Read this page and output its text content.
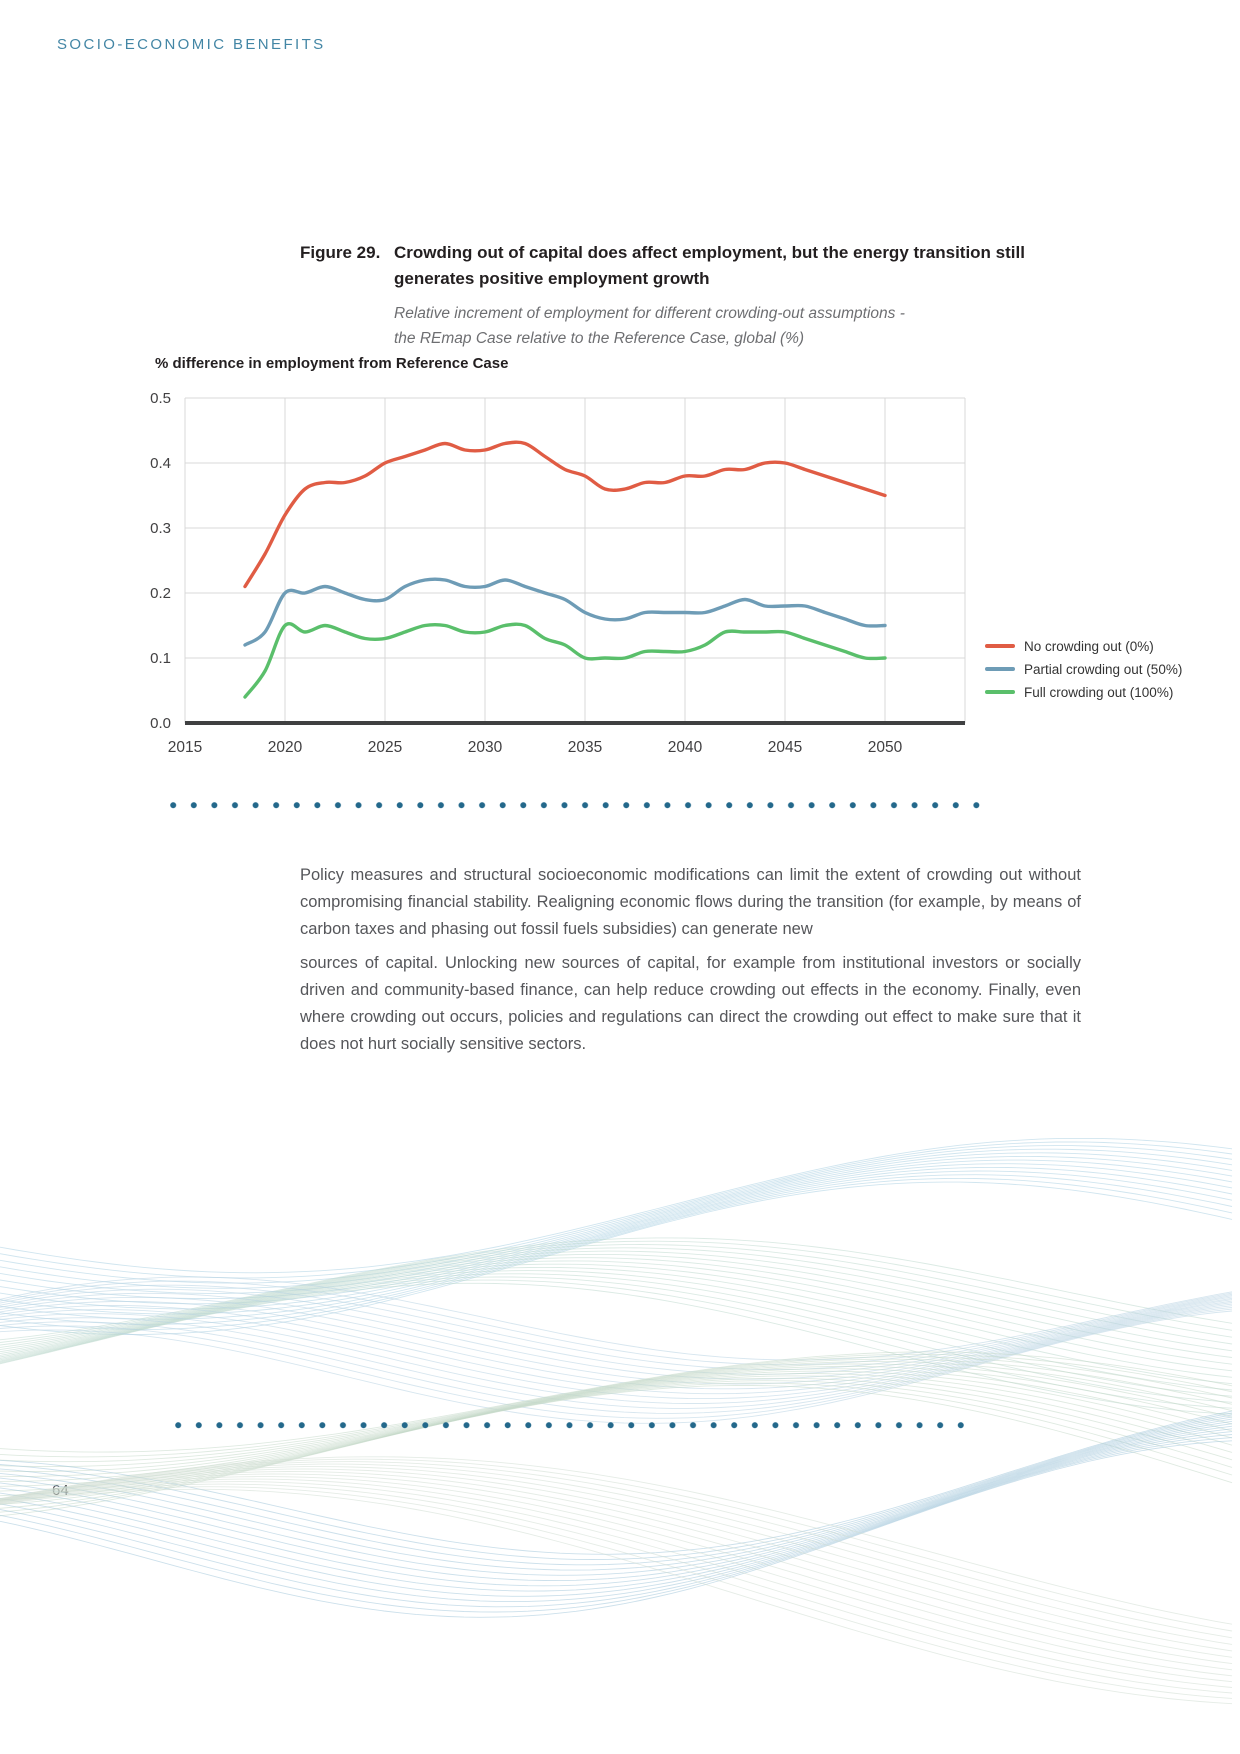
SOCIO-ECONOMIC BENEFITS
Figure 29. Crowding out of capital does affect employment, but the energy transition still
generates positive employment growth
Relative increment of employment for different crowding-out assumptions -
the REmap Case relative to the Reference Case, global (%)
% difference in employment from Reference Case
0.0
0.1
0.2
0.3
0.4
0.5
2015	2020	2025	2030	2035	2040	2045	2050
No crowding out (0%)
Partial crowding out (50%)
Full crowding out (100%)

Policy measures and structural socioeconomic modifications can limit the extent of crowding out without compromising financial stability. Realigning economic flows during the transition (for example, by means of carbon taxes and phasing out fossil fuels subsidies) can generate new

sources of capital. Unlocking new sources of capital, for example from institutional investors or socially driven and community-based finance, can help reduce crowding out effects in the economy. Finally, even where crowding out occurs, policies and regulations can direct the crowding out effect to make sure that it does not hurt socially sensitive sectors.

64
